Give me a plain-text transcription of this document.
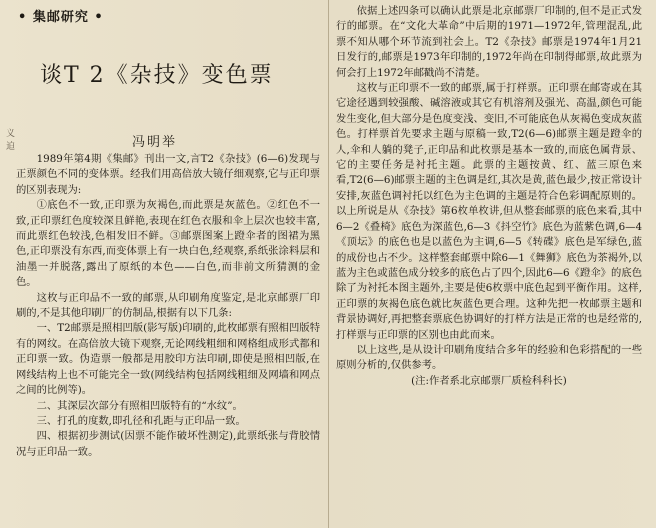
• 集邮研究 •
谈T 2《杂技》变色票
冯明举
义迫

1989年第4期《集邮》刊出一文,言T2《杂技》(6—6)发现与正票颜色不同的变体票。经我们用高倍放大镜仔细观察,它与正印票的区别表现为:

①底色不一致,正印票为灰褐色,而此票是灰蓝色。②红色不一致,正印票红色度较深且鲜艳,表现在红色衣服和伞上层次也较丰富,而此票红色较浅,色相发旧不鲜。③邮票图案上蹬伞者的图裙为黑色,正印票没有东西,而变体票上有一块白色,经观察,系纸张涂料层和油墨一并脱落,露出了原纸的本色——白色,而非前文所猜测的金色。

这枚与正印品不一致的邮票,从印刷角度鉴定,是北京邮票厂印刷的,不是其他印刷厂的仿制品,根据有以下几条:

一、T2邮票是照相凹版(影写版)印刷的,此枚邮票有照相凹版特有的网纹。在高倍放大镜下观察,无论网线粗细和网格组成形式都和正印票一致。伪造票一般都是用胶印方法印刷,即使是照相凹版,在网线结构上也不可能完全一致(网线结构包括网线粗细及网墙和网点之间的比例等)。

二、其深层次部分有照相凹版特有的“水纹”。

三、打孔的度数,即孔径和孔距与正印品一致。

四、根据初步测试(因票不能作破坏性测定),此票纸张与背胶情况与正印品一致。

依据上述四条可以确认此票是北京邮票厂印制的,但不是正式发行的邮票。在“文化大革命”中后期的1971—1972年,管理混乱,此票不知从哪个环节流到社会上。T2《杂技》邮票是1974年1月21日发行的,邮票是1973年印制的,1972年尚在印制得邮票,故此票为何会打上1972年邮戳尚不清楚。

这枚与正印票不一致的邮票,属于打样票。正印票在邮寄或在其它途径遇到较强酸、碱溶液或其它有机溶剂及强光、高温,颜色可能发生变化,但大部分是色度变浅、变旧,不可能底色从灰褐色变成灰蓝色。打样票首先要求主题与原稿一致,T2(6—6)邮票主题是蹬伞的人,伞和人躺的凳子,正印品和此枚票是基本一致的,而底色属背景、它的主要任务是衬托主题。此票的主题按黄、红、蓝三原色来看,T2(6—6)邮票主题的主色调是红,其次是黄,蓝色最少,按正常设计安排,灰蓝色调衬托以红色为主色调的主题是符合色彩调配原则的。以上所说是从《杂技》第6枚单枚讲,但从整套邮票的底色来看,其中6—2《叠椅》底色为深蓝色,6—3《抖空竹》底色为蓝紫色调,6—4《顶坛》的底色也是以蓝色为主调,6—5《转碟》底色是军绿色,蓝的成份也占不少。这样整套邮票中除6—1《舞狮》底色为茶褐外,以蓝为主色或蓝色成分较多的底色占了四个,因此6—6《蹬伞》的底色除了为衬托本图主题外,主要是使6枚票中底色起到平衡作用。这样,正印票的灰褐色底色就比灰蓝色更合理。这种先把一枚邮票主题和背景协调好,再把整套票底色协调好的打样方法是正常的也是经常的,打样票与正印票的区别也由此而来。

以上这些,是从设计印刷角度结合多年的经验和色彩搭配的一些原则分析的,仅供参考。

(注:作者系北京邮票厂质检科科长)
